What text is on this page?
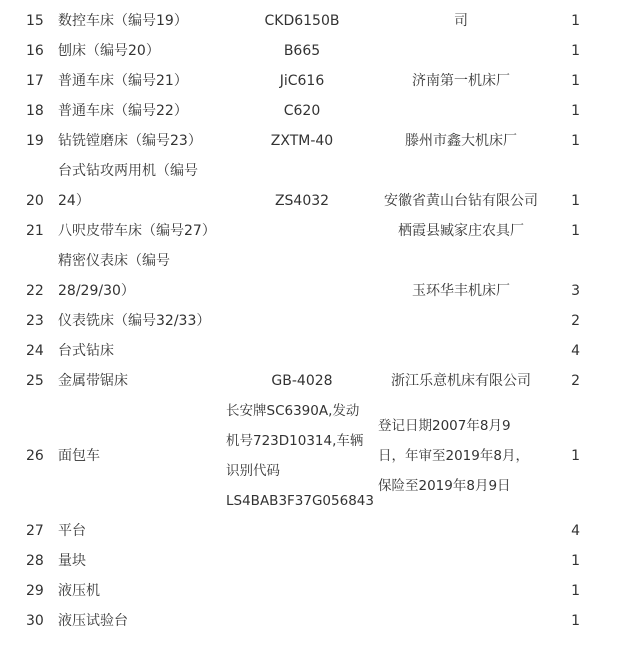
15	数控车床（编号19）	CKD6150B	司	1
16	刨床（编号20）	B665		1
17	普通车床（编号21）	JiC616	济南第一机床厂	1
18	普通车床（编号22）	C620		1
19	钻铣镗磨床（编号23）	ZXTM-40	滕州市鑫大机床厂	1
20	台式钻攻两用机（编号
24）	ZS4032	安徽省黄山台钻有限公司	1
21	八呎皮带车床（编号27）		栖霞县臧家庄农具厂	1
22	精密仪表床（编号
28/29/30）		玉环华丰机床厂	3
23	仪表铣床（编号32/33）			2
24	台式钻床			4
25	金属带锯床	GB-4028	浙江乐意机床有限公司	2
26	面包车	长安牌SC6390A,发动
机号723D10314,车辆
识别代码
LS4BAB3F37G056843	登记日期2007年8月9
日，年审至2019年8月，
保险至2019年8月9日	1
27	平台			4
28	量块			1
29	液压机			1
30	液压试验台			1
